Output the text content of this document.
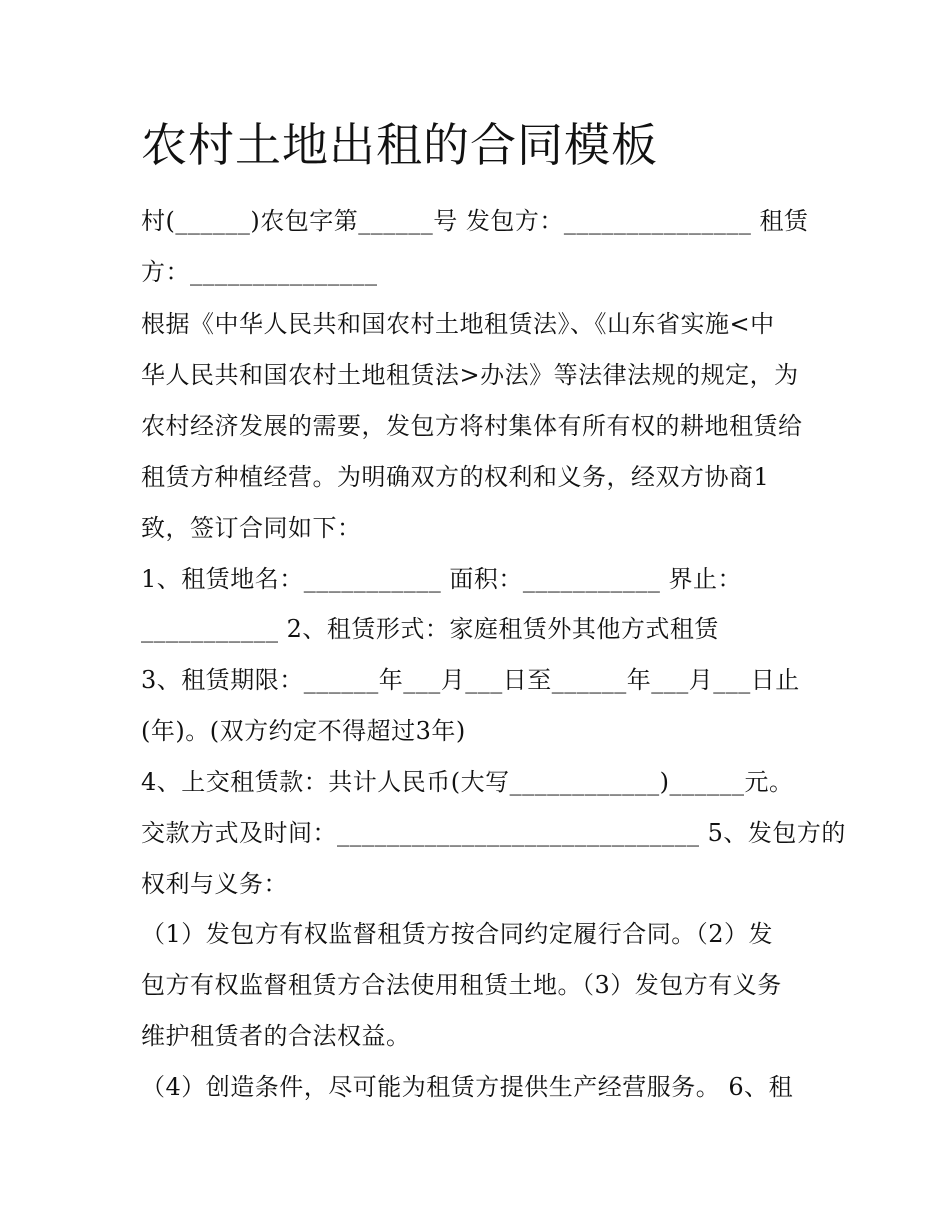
农村土地出租的合同模板
村(______)农包字第______号 发包方：_______________ 租赁
方：_______________
根据《中华人民共和国农村土地租赁法》、《山东省实施<中
华人民共和国农村土地租赁法>办法》等法律法规的规定，为
农村经济发展的需要，发包方将村集体有所有权的耕地租赁给
租赁方种植经营。为明确双方的权利和义务，经双方协商1
致，签订合同如下：
1、租赁地名：___________ 面积：___________ 界止：
___________ 2、租赁形式：家庭租赁外其他方式租赁
3、租赁期限：______年___月___日至______年___月___日止
(年)。(双方约定不得超过3年)
4、上交租赁款：共计人民币(大写____________)______元。
交款方式及时间：_____________________________ 5、发包方的
权利与义务：
（1）发包方有权监督租赁方按合同约定履行合同。（2）发
包方有权监督租赁方合法使用租赁土地。（3）发包方有义务
维护租赁者的合法权益。
（4）创造条件，尽可能为租赁方提供生产经营服务。 6、租
